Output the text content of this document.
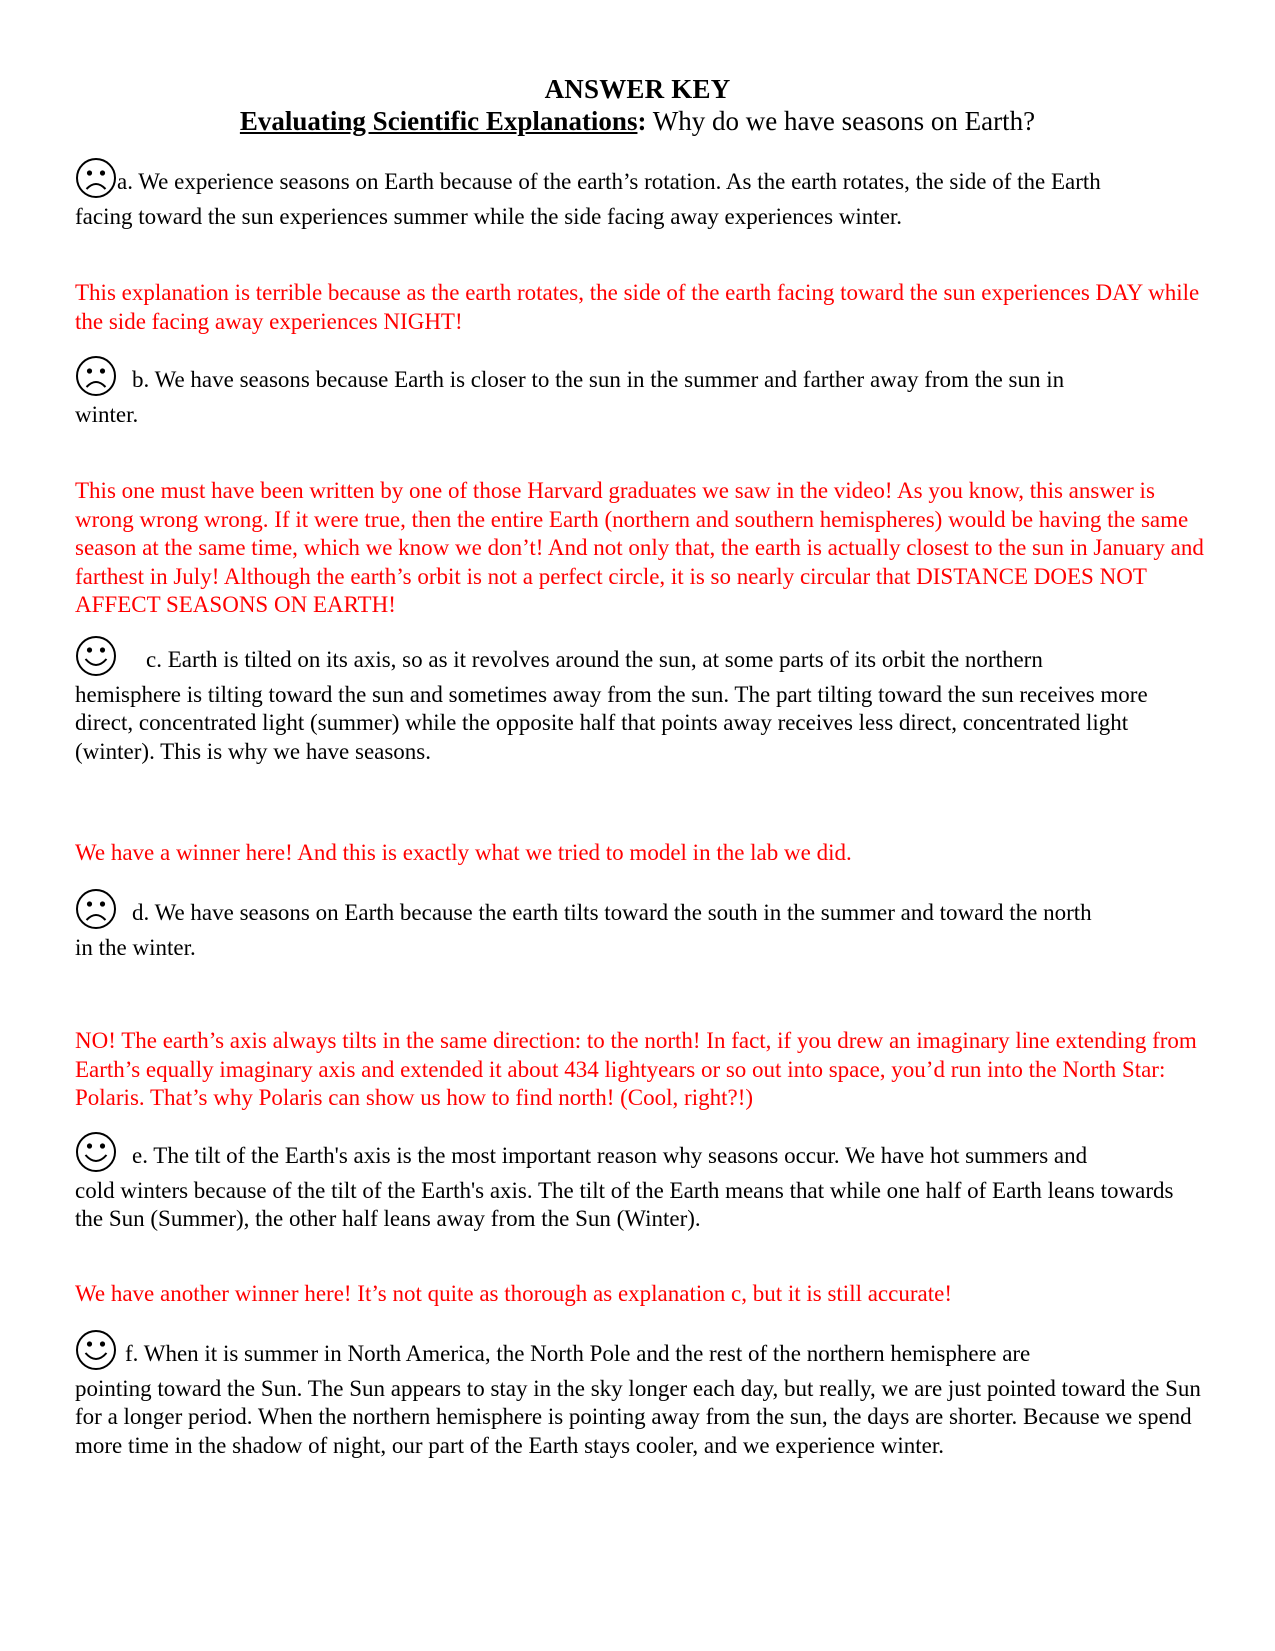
ANSWER KEY
Evaluating Scientific Explanations: Why do we have seasons on Earth?
a. We experience seasons on Earth because of the earth’s rotation. As the earth rotates, the side of the Earth
facing toward the sun experiences summer while the side facing away experiences winter.
This explanation is terrible because as the earth rotates, the side of the earth facing toward the sun experiences DAY while the side facing away experiences NIGHT!
b. We have seasons because Earth is closer to the sun in the summer and farther away from the sun in
winter.
This one must have been written by one of those Harvard graduates we saw in the video! As you know, this answer is wrong wrong wrong. If it were true, then the entire Earth (northern and southern hemispheres) would be having the same season at the same time, which we know we don’t! And not only that, the earth is actually closest to the sun in January and farthest in July! Although the earth’s orbit is not a perfect circle, it is so nearly circular that DISTANCE DOES NOT AFFECT SEASONS ON EARTH!
c. Earth is tilted on its axis, so as it revolves around the sun, at some parts of its orbit the northern
hemisphere is tilting toward the sun and sometimes away from the sun. The part tilting toward the sun receives more direct, concentrated light (summer) while the opposite half that points away receives less direct, concentrated light (winter). This is why we have seasons.
We have a winner here! And this is exactly what we tried to model in the lab we did.
d. We have seasons on Earth because the earth tilts toward the south in the summer and toward the north
in the winter.
NO! The earth’s axis always tilts in the same direction: to the north! In fact, if you drew an imaginary line extending from Earth’s equally imaginary axis and extended it about 434 lightyears or so out into space, you’d run into the North Star: Polaris. That’s why Polaris can show us how to find north! (Cool, right?!)
e. The tilt of the Earth's axis is the most important reason why seasons occur. We have hot summers and
cold winters because of the tilt of the Earth's axis. The tilt of the Earth means that while one half of Earth leans towards the Sun (Summer), the other half leans away from the Sun (Winter).
We have another winner here! It’s not quite as thorough as explanation c, but it is still accurate!
f. When it is summer in North America, the North Pole and the rest of the northern hemisphere are
pointing toward the Sun. The Sun appears to stay in the sky longer each day, but really, we are just pointed toward the Sun for a longer period. When the northern hemisphere is pointing away from the sun, the days are shorter. Because we spend more time in the shadow of night, our part of the Earth stays cooler, and we experience winter.
